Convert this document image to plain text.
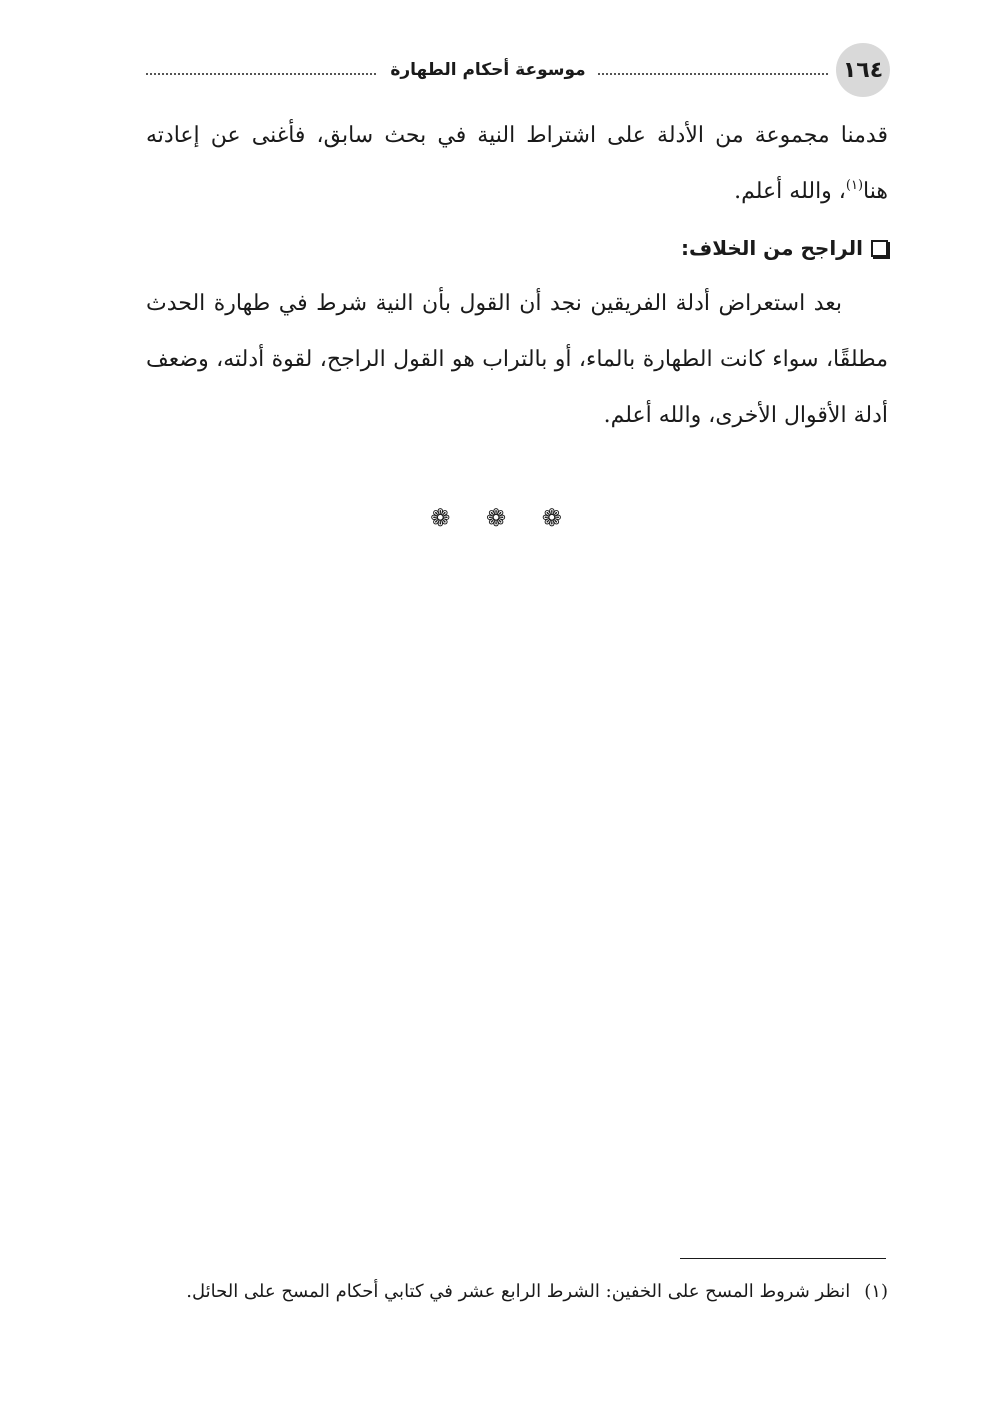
١٦٤
موسوعة أحكام الطهارة

قدمنا مجموعة من الأدلة على اشتراط النية في بحث سابق، فأغنى عن إعادته هنا$^{(١)}$، والله أعلم.

الراجح من الخلاف:

بعد استعراض أدلة الفريقين نجد أن القول بأن النية شرط في طهارة الحدث مطلقًا، سواء كانت الطهارة بالماء، أو بالتراب هو القول الراجح، لقوة أدلته، وضعف أدلة الأقوال الأخرى، والله أعلم.

❁ ❁ ❁

(١)انظر شروط المسح على الخفين: الشرط الرابع عشر في كتابي أحكام المسح على الحائل.
